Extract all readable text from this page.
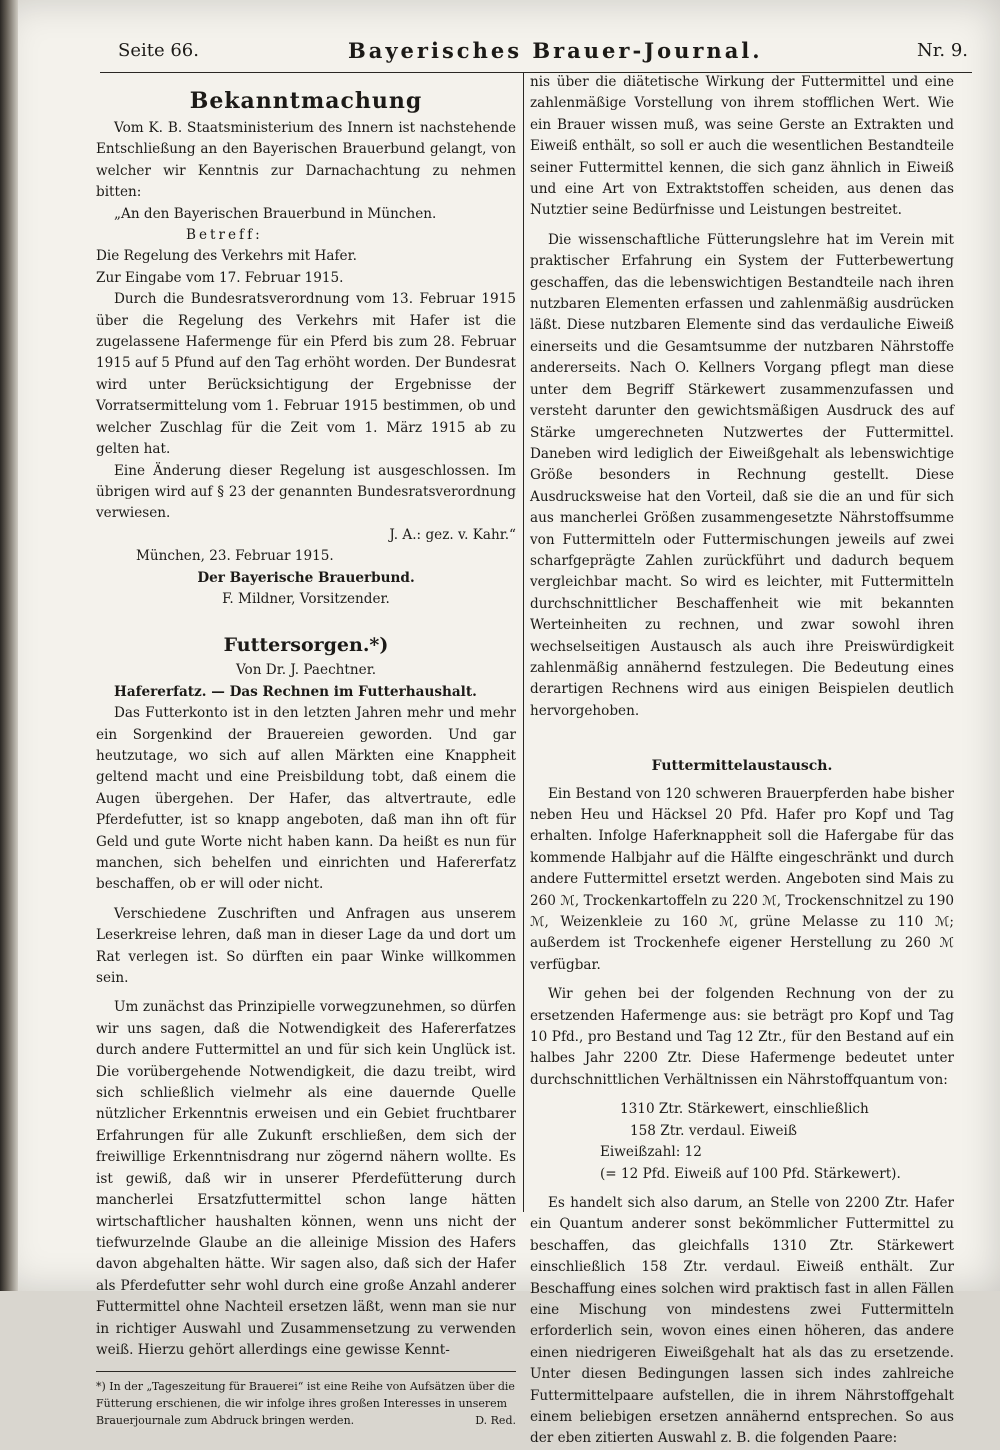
Seite 66.	Bayerisches Brauer-Journal.	Nr. 9.
Bekanntmachung

Vom K. B. Staatsministerium des Innern ist nachstehende Entschließung an den Bayerischen Brauerbund gelangt, von welcher wir Kenntnis zur Darnachachtung zu nehmen bitten:

„An den Bayerischen Brauerbund in München.

Betreff:

Die Regelung des Verkehrs mit Hafer.

Zur Eingabe vom 17. Februar 1915.

Durch die Bundesratsverordnung vom 13. Februar 1915 über die Regelung des Verkehrs mit Hafer ist die zugelassene Hafermenge für ein Pferd bis zum 28. Februar 1915 auf 5 Pfund auf den Tag erhöht worden. Der Bundesrat wird unter Berücksichtigung der Ergebnisse der Vorratsermittelung vom 1. Februar 1915 bestimmen, ob und welcher Zuschlag für die Zeit vom 1. März 1915 ab zu gelten hat.

Eine Änderung dieser Regelung ist ausgeschlossen. Im übrigen wird auf § 23 der genannten Bundesratsverordnung verwiesen.

J. A.: gez. v. Kahr.“

München, 23. Februar 1915.

Der Bayerische Brauerbund.

F. Mildner, Vorsitzender.

Futtersorgen.*)

Von Dr. J. Paechtner.

Hafererfatz. — Das Rechnen im Futterhaushalt.

Das Futterkonto ist in den letzten Jahren mehr und mehr ein Sorgenkind der Brauereien geworden. Und gar heutzutage, wo sich auf allen Märkten eine Knappheit geltend macht und eine Preisbildung tobt, daß einem die Augen übergehen. Der Hafer, das altvertraute, edle Pferdefutter, ist so knapp angeboten, daß man ihn oft für Geld und gute Worte nicht haben kann. Da heißt es nun für manchen, sich behelfen und einrichten und Hafererfatz beschaffen, ob er will oder nicht.

Verschiedene Zuschriften und Anfragen aus unserem Leserkreise lehren, daß man in dieser Lage da und dort um Rat verlegen ist. So dürften ein paar Winke willkommen sein.

Um zunächst das Prinzipielle vorwegzunehmen, so dürfen wir uns sagen, daß die Notwendigkeit des Hafererfatzes durch andere Futtermittel an und für sich kein Unglück ist. Die vorübergehende Notwendigkeit, die dazu treibt, wird sich schließlich vielmehr als eine dauernde Quelle nützlicher Erkenntnis erweisen und ein Gebiet fruchtbarer Erfahrungen für alle Zukunft erschließen, dem sich der freiwillige Erkenntnisdrang nur zögernd nähern wollte. Es ist gewiß, daß wir in unserer Pferdefütterung durch mancherlei Ersatzfuttermittel schon lange hätten wirtschaftlicher haushalten können, wenn uns nicht der tiefwurzelnde Glaube an die alleinige Mission des Hafers davon abgehalten hätte. Wir sagen also, daß sich der Hafer als Pferdefutter sehr wohl durch eine große Anzahl anderer Futtermittel ohne Nachteil ersetzen läßt, wenn man sie nur in richtiger Auswahl und Zusammensetzung zu verwenden weiß. Hierzu gehört allerdings eine gewisse Kennt-

*) In der „Tageszeitung für Brauerei“ ist eine Reihe von Aufsätzen über die Fütterung erschienen, die wir infolge ihres großen Interesses in unserem Brauerjournale zum Abdruck bringen werden.	D. Red.

nis über die diätetische Wirkung der Futtermittel und eine zahlenmäßige Vorstellung von ihrem stofflichen Wert. Wie ein Brauer wissen muß, was seine Gerste an Extrakten und Eiweiß enthält, so soll er auch die wesentlichen Bestandteile seiner Futtermittel kennen, die sich ganz ähnlich in Eiweiß und eine Art von Extraktstoffen scheiden, aus denen das Nutztier seine Bedürfnisse und Leistungen bestreitet.

Die wissenschaftliche Fütterungslehre hat im Verein mit praktischer Erfahrung ein System der Futterbewertung geschaffen, das die lebenswichtigen Bestandteile nach ihren nutzbaren Elementen erfassen und zahlenmäßig ausdrücken läßt. Diese nutzbaren Elemente sind das verdauliche Eiweiß einerseits und die Gesamtsumme der nutzbaren Nährstoffe andererseits. Nach O. Kellners Vorgang pflegt man diese unter dem Begriff Stärkewert zusammenzufassen und versteht darunter den gewichtsmäßigen Ausdruck des auf Stärke umgerechneten Nutzwertes der Futtermittel. Daneben wird lediglich der Eiweißgehalt als lebenswichtige Größe besonders in Rechnung gestellt. Diese Ausdrucksweise hat den Vorteil, daß sie die an und für sich aus mancherlei Größen zusammengesetzte Nährstoffsumme von Futtermitteln oder Futtermischungen jeweils auf zwei scharfgeprägte Zahlen zurückführt und dadurch bequem vergleichbar macht. So wird es leichter, mit Futtermitteln durchschnittlicher Beschaffenheit wie mit bekannten Werteinheiten zu rechnen, und zwar sowohl ihren wechselseitigen Austausch als auch ihre Preiswürdigkeit zahlenmäßig annähernd festzulegen. Die Bedeutung eines derartigen Rechnens wird aus einigen Beispielen deutlich hervorgehoben.

Futtermittelaustausch.

Ein Bestand von 120 schweren Brauerpferden habe bisher neben Heu und Häcksel 20 Pfd. Hafer pro Kopf und Tag erhalten. Infolge Haferknappheit soll die Hafergabe für das kommende Halbjahr auf die Hälfte eingeschränkt und durch andere Futtermittel ersetzt werden. Angeboten sind Mais zu 260 ℳ, Trockenkartoffeln zu 220 ℳ, Trockenschnitzel zu 190 ℳ, Weizenkleie zu 160 ℳ, grüne Melasse zu 110 ℳ; außerdem ist Trockenhefe eigener Herstellung zu 260 ℳ verfügbar.

Wir gehen bei der folgenden Rechnung von der zu ersetzenden Hafermenge aus: sie beträgt pro Kopf und Tag 10 Pfd., pro Bestand und Tag 12 Ztr., für den Bestand auf ein halbes Jahr 2200 Ztr. Diese Hafermenge bedeutet unter durchschnittlichen Verhältnissen ein Nährstoffquantum von:

1310 Ztr. Stärkewert, einschließlich

158 Ztr. verdaul. Eiweiß

Eiweißzahl: 12

(= 12 Pfd. Eiweiß auf 100 Pfd. Stärkewert).

Es handelt sich also darum, an Stelle von 2200 Ztr. Hafer ein Quantum anderer sonst bekömmlicher Futtermittel zu beschaffen, das gleichfalls 1310 Ztr. Stärkewert einschließlich 158 Ztr. verdaul. Eiweiß enthält. Zur Beschaffung eines solchen wird praktisch fast in allen Fällen eine Mischung von mindestens zwei Futtermitteln erforderlich sein, wovon eines einen höheren, das andere einen niedrigeren Eiweißgehalt hat als das zu ersetzende. Unter diesen Bedingungen lassen sich indes zahlreiche Futtermittelpaare aufstellen, die in ihrem Nährstoffgehalt einem beliebigen ersetzen annähernd entsprechen. So aus der eben zitierten Auswahl z. B. die folgenden Paare:
